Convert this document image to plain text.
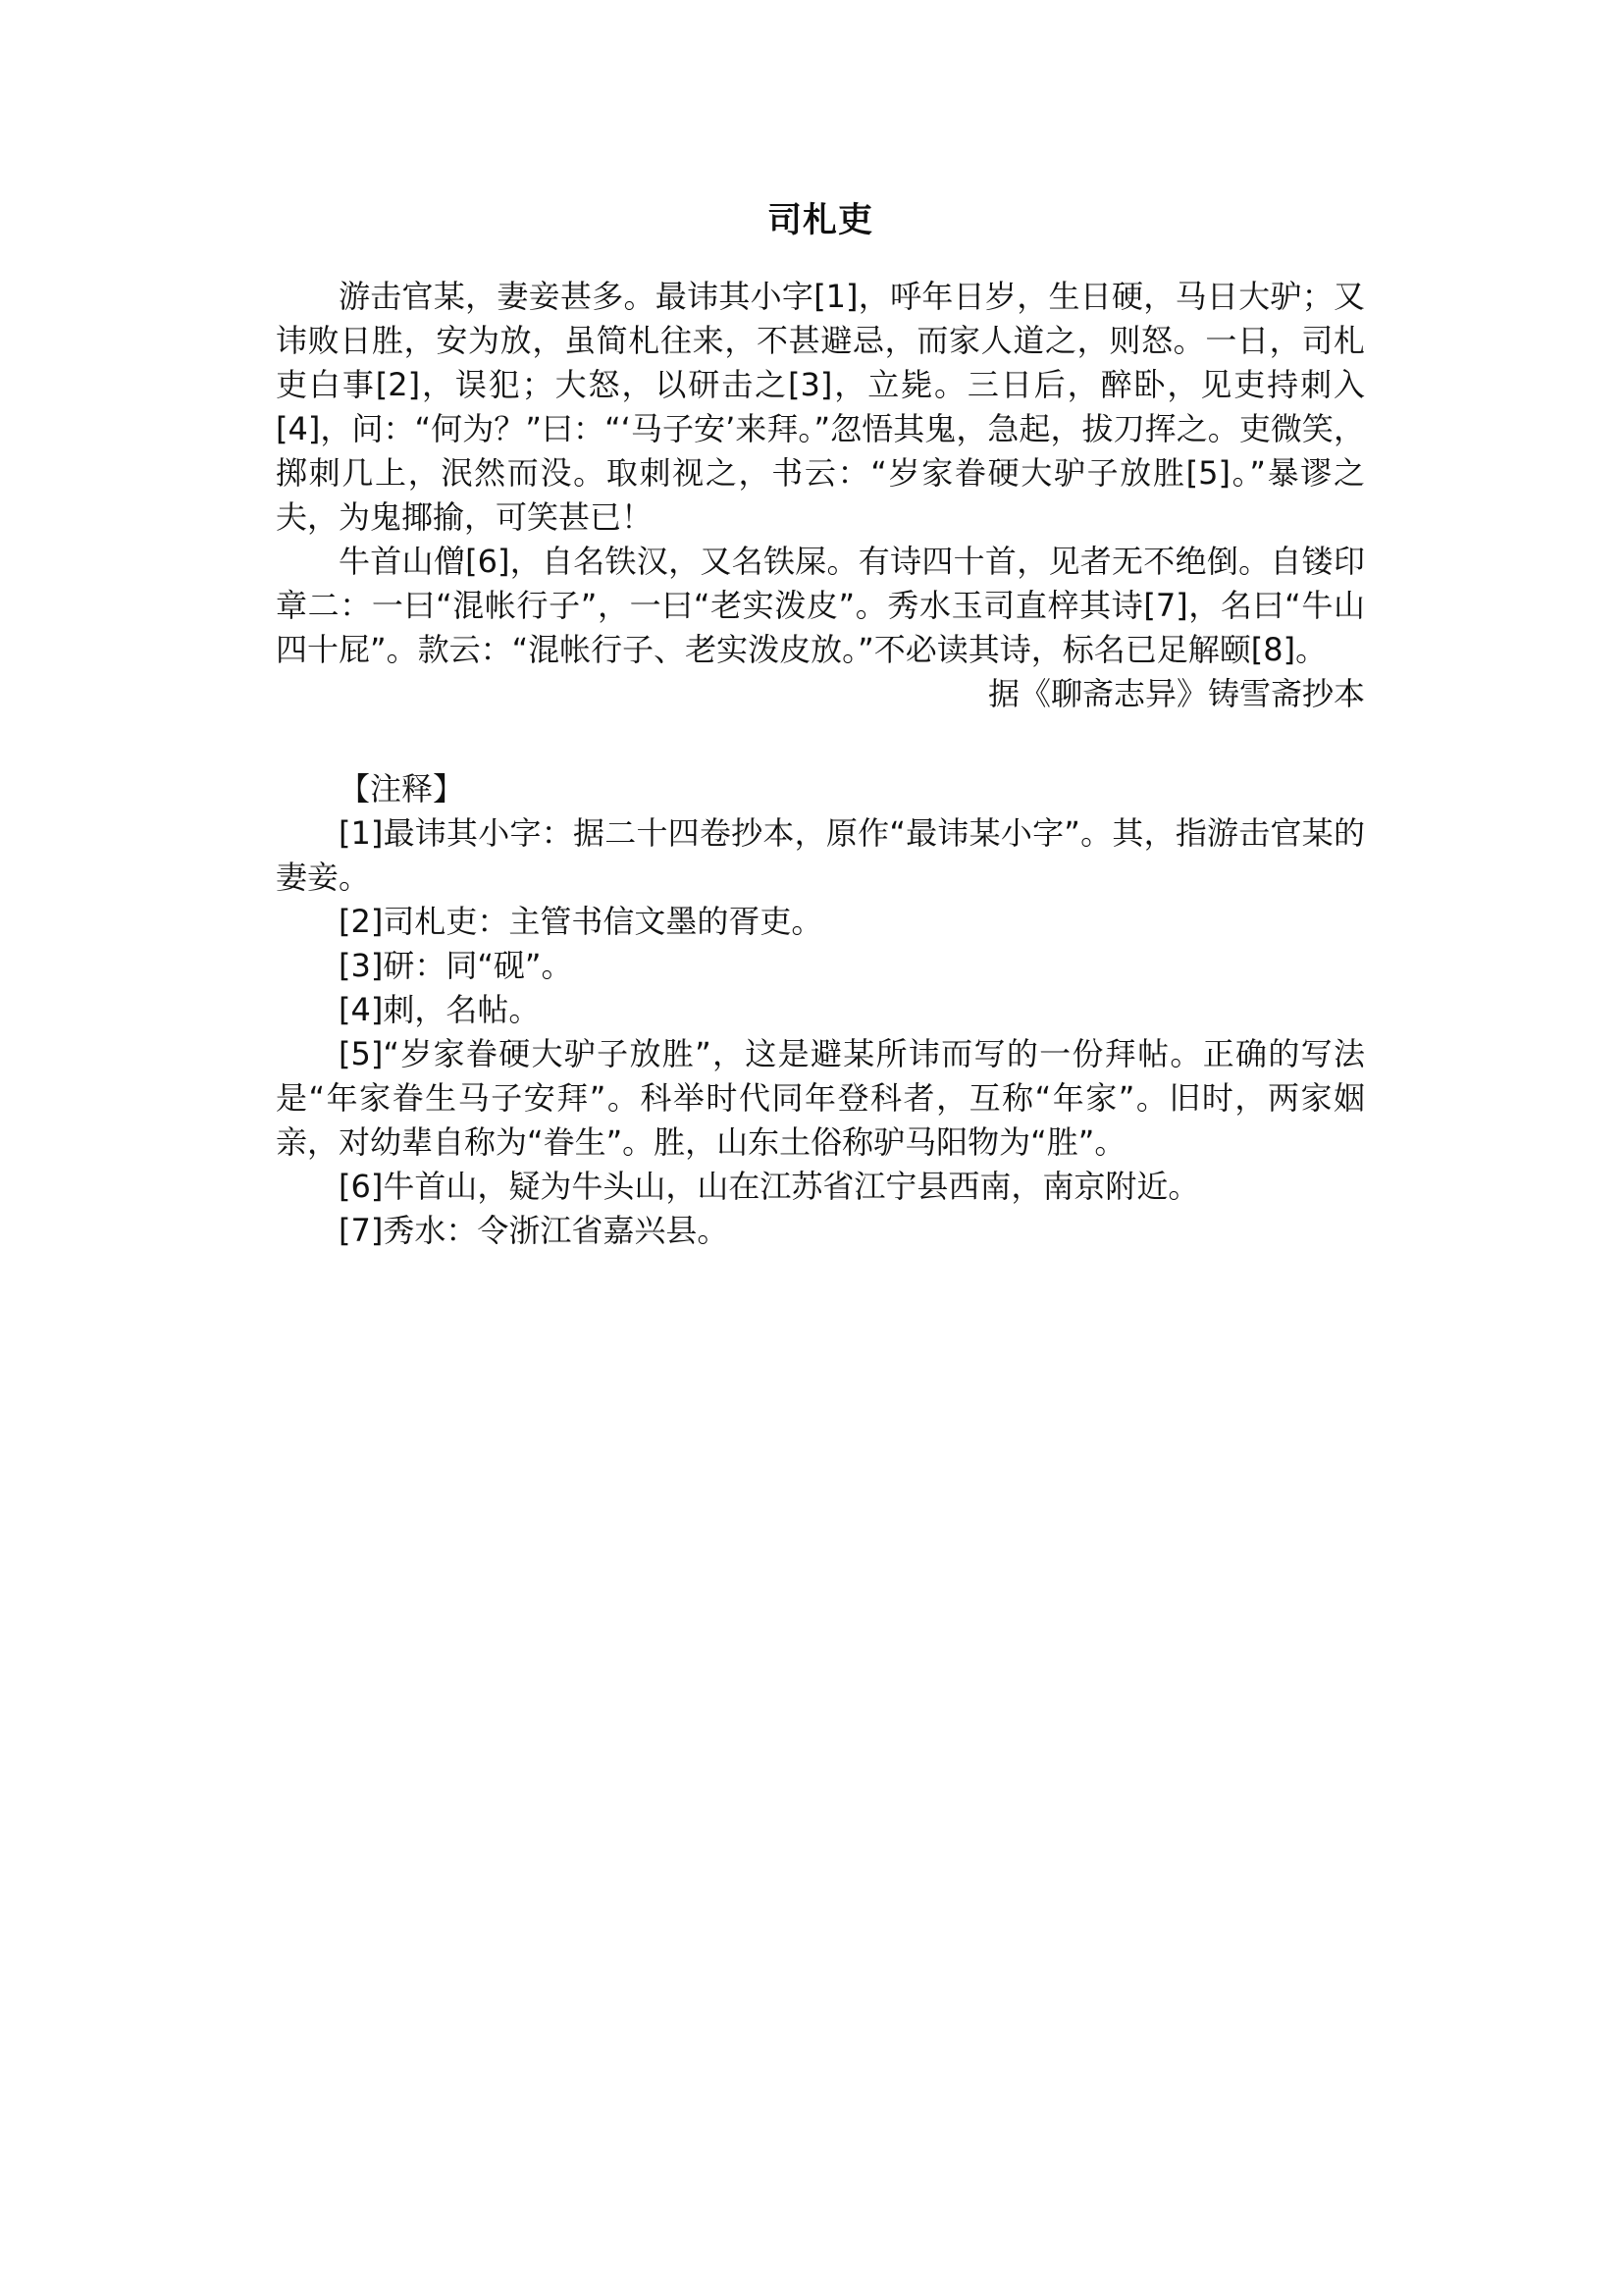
司札吏

游击官某，妻妾甚多。最讳其小字[1]，呼年日岁，生日硬，马日大驴；又讳败日胜，安为放，虽简札往来，不甚避忌，而家人道之，则怒。一日，司札吏白事[2]，误犯；大怒，以研击之[3]，立毙。三日后，醉卧，见吏持刺入[4]，问：“何为？”曰：“‘马子安’来拜。”忽悟其鬼，急起，拔刀挥之。吏微笑，掷刺几上，泯然而没。取刺视之，书云：“岁家眷硬大驴子放胜[5]。”暴谬之夫，为鬼揶揄，可笑甚已！

牛首山僧[6]，自名铁汉，又名铁屎。有诗四十首，见者无不绝倒。自镂印章二：一曰“混帐行子”，一曰“老实泼皮”。秀水玉司直梓其诗[7]，名曰“牛山四十屁”。款云：“混帐行子、老实泼皮放。”不必读其诗，标名已足解颐[8]。

据《聊斋志异》铸雪斋抄本

【注释】

[1]最讳其小字：据二十四卷抄本，原作“最讳某小字”。其，指游击官某的妻妾。

[2]司札吏：主管书信文墨的胥吏。

[3]研：同“砚”。

[4]刺，名帖。

[5]“岁家眷硬大驴子放胜”，这是避某所讳而写的一份拜帖。正确的写法是“年家眷生马子安拜”。科举时代同年登科者，互称“年家”。旧时，两家姻亲，对幼辈自称为“眷生”。胜，山东土俗称驴马阳物为“胜”。

[6]牛首山，疑为牛头山，山在江苏省江宁县西南，南京附近。

[7]秀水：令浙江省嘉兴县。
